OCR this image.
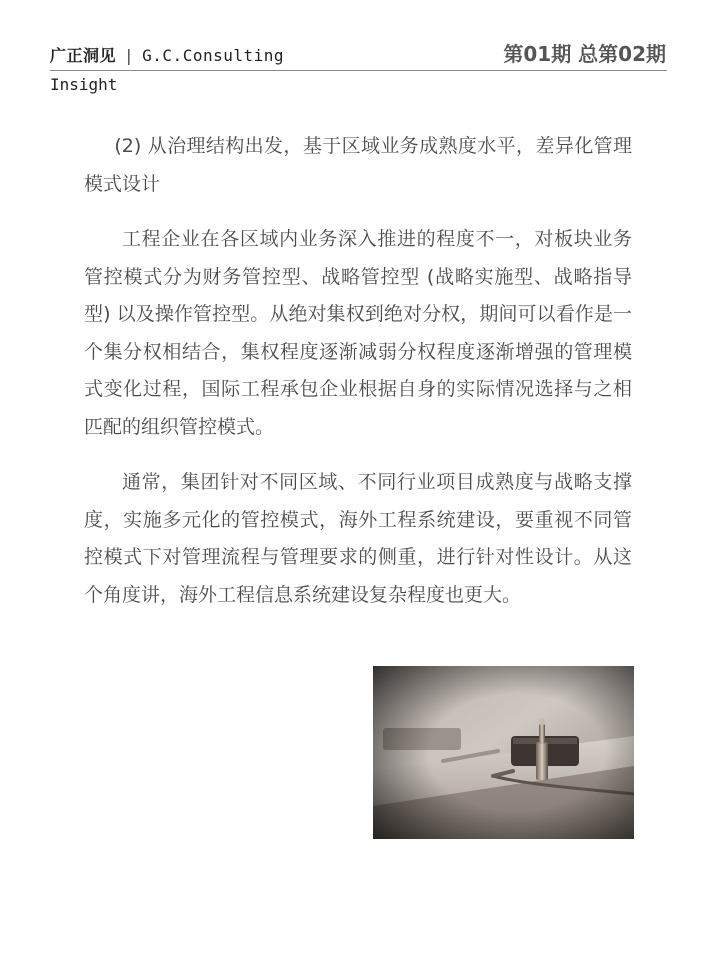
广正洞见 | G.C.Consulting	第01期 总第02期
Insight

(2) 从治理结构出发，基于区域业务成熟度水平，差异化管理模式设计

工程企业在各区域内业务深入推进的程度不一，对板块业务管控模式分为财务管控型、战略管控型 (战略实施型、战略指导型) 以及操作管控型。从绝对集权到绝对分权，期间可以看作是一个集分权相结合，集权程度逐渐减弱分权程度逐渐增强的管理模式变化过程，国际工程承包企业根据自身的实际情况选择与之相匹配的组织管控模式。

通常，集团针对不同区域、不同行业项目成熟度与战略支撑度，实施多元化的管控模式，海外工程系统建设，要重视不同管控模式下对管理流程与管理要求的侧重，进行针对性设计。从这个角度讲，海外工程信息系统建设复杂程度也更大。
